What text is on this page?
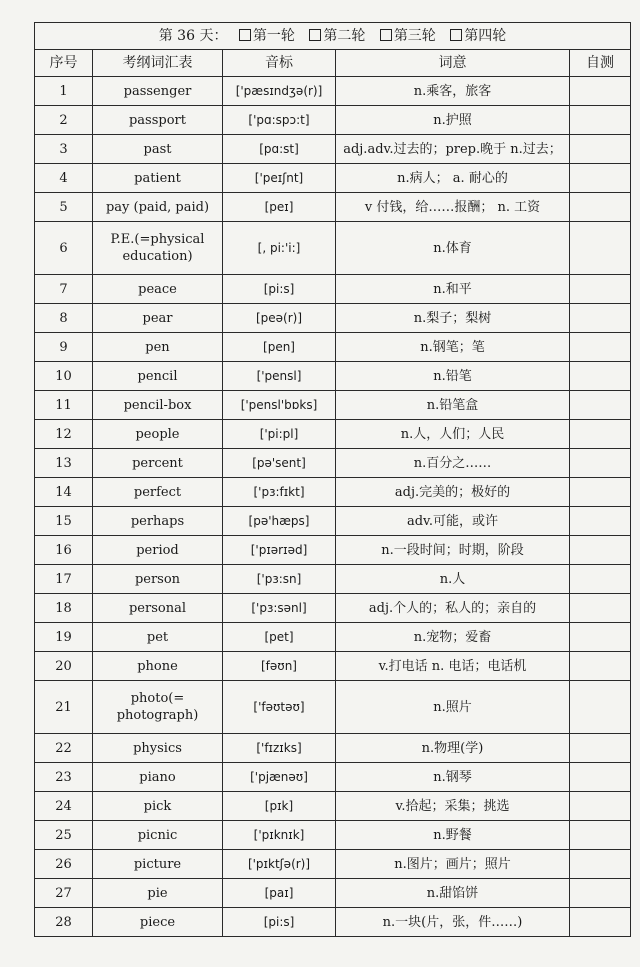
第 36 天： 第一轮 第二轮 第三轮 第四轮				
序号	考纲词汇表	音标	词意	自测
1	passenger	['pæsɪndʒə(r)]	n.乘客，旅客	
2	passport	['pɑ:spɔ:t]	n.护照	
3	past	[pɑ:st]	adj.adv.过去的；prep.晚于 n.过去；	
4	patient	['peɪʃnt]	n.病人； a. 耐心的	
5	pay (paid, paid)	[peɪ]	v 付钱，给……报酬； n. 工资	
6	P.E.(=physical education)	[, pi:'i:]	n.体育	
7	peace	[pi:s]	n.和平	
8	pear	[peə(r)]	n.梨子；梨树	
9	pen	[pen]	n.钢笔；笔	
10	pencil	['pensl]	n.铅笔	
11	pencil-box	['pensl'bɒks]	n.铅笔盒	
12	people	['pi:pl]	n.人，人们；人民	
13	percent	[pə'sent]	n.百分之……	
14	perfect	['pɜ:fɪkt]	adj.完美的；极好的	
15	perhaps	[pə'hæps]	adv.可能，或许	
16	period	['pɪərɪəd]	n.一段时间；时期，阶段	
17	person	['pɜ:sn]	n.人	
18	personal	['pɜ:sənl]	adj.个人的；私人的；亲自的	
19	pet	[pet]	n.宠物；爱畜	
20	phone	[fəʊn]	v.打电话 n. 电话；电话机	
21	photo(= photograph)	['fəʊtəʊ]	n.照片	
22	physics	['fɪzɪks]	n.物理(学)	
23	piano	['pjænəʊ]	n.钢琴	
24	pick	[pɪk]	v.拾起；采集；挑选	
25	picnic	['pɪknɪk]	n.野餐	
26	picture	['pɪktʃə(r)]	n.图片；画片；照片	
27	pie	[paɪ]	n.甜馅饼	
28	piece	[pi:s]	n.一块(片，张，件……)	
